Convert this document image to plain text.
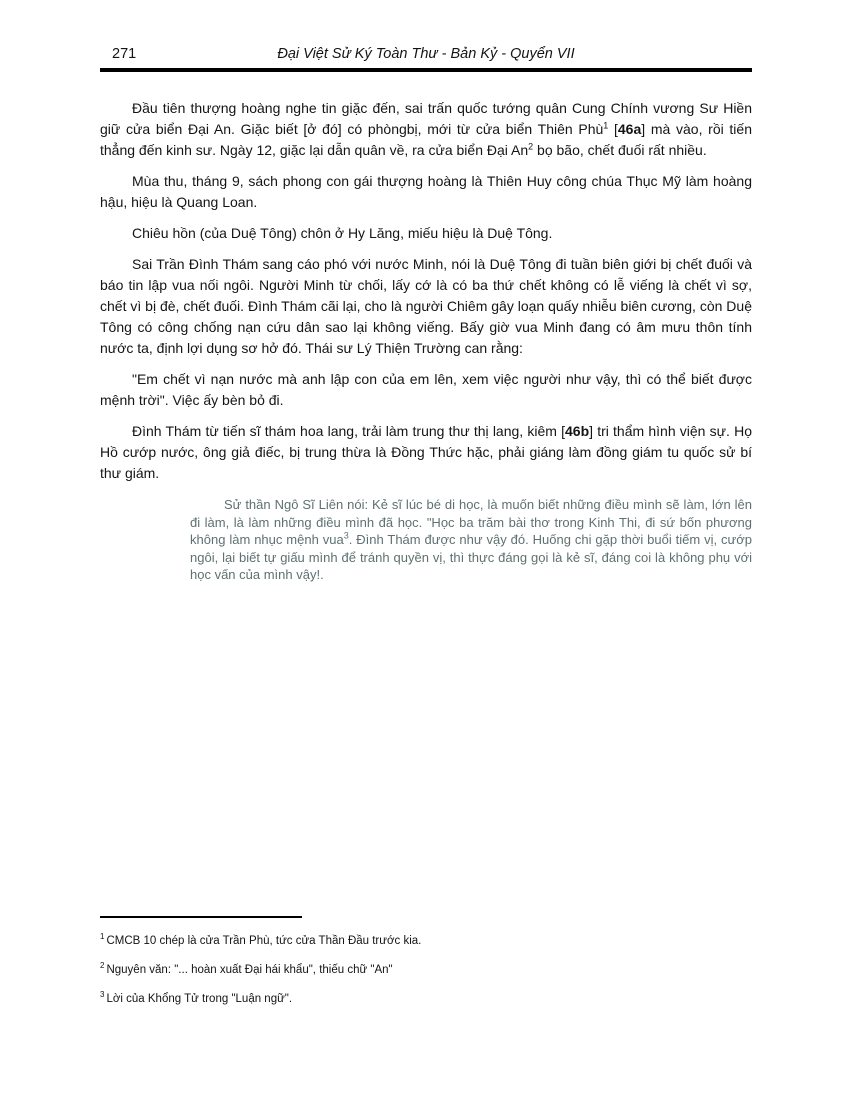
271	Đại Việt Sử Ký Toàn Thư - Bản Kỷ - Quyển VII

Đầu tiên thượng hoàng nghe tin giặc đến, sai trấn quốc tướng quân Cung Chính vương Sư Hiền giữ cửa biển Đại An. Giặc biết [ở đó] có phòngbị, mới từ cửa biển Thiên Phù$^1$ [46a] mà vào, rồi tiến thẳng đến kinh sư. Ngày 12, giặc lại dẫn quân về, ra cửa biển Đại An$^2$ bọ bão, chết đuối rất nhiều.

Mùa thu, tháng 9, sách phong con gái thượng hoàng là Thiên Huy công chúa Thục Mỹ làm hoàng hậu, hiệu là Quang Loan.

Chiêu hồn (của Duệ Tông) chôn ở Hy Lăng, miếu hiệu là Duệ Tông.

Sai Trần Đình Thám sang cáo phó với nước Minh, nói là Duệ Tông đi tuần biên giới bị chết đuối và báo tin lập vua nối ngôi. Người Minh từ chối, lấy cớ là có ba thứ chết không có lễ viếng là chết vì sợ, chết vì bị đè, chết đuối. Đình Thám cãi lại, cho là người Chiêm gây loạn quấy nhiễu biên cương, còn Duệ Tông có công chống nạn cứu dân sao lại không viếng. Bấy giờ vua Minh đang có âm mưu thôn tính nước ta, định lợi dụng sơ hở đó. Thái sư Lý Thiện Trường can rằng:

"Em chết vì nạn nước mà anh lập con của em lên, xem việc người như vậy, thì có thể biết được mệnh trời". Việc ấy bèn bỏ đi.

Đình Thám từ tiến sĩ thám hoa lang, trải làm trung thư thị lang, kiêm [46b] tri thẩm hình viện sự. Họ Hồ cướp nước, ông giả điếc, bị trung thừa là Đồng Thức hặc, phải giáng làm đồng giám tu quốc sử bí thư giám.

Sử thần Ngô Sĩ Liên nói: Kẻ sĩ lúc bé di học, là muốn biết những điều mình sẽ làm, lớn lên đi làm, là làm những điều mình đã học. "Học ba trăm bài thơ trong Kinh Thi, đi sứ bốn phương không làm nhục mệnh vua$^3$. Đình Thám được như vậy đó. Huống chi gặp thời buổi tiếm vị, cướp ngôi, lại biết tự giấu mình để tránh quyền vị, thì thực đáng gọi là kẻ sĩ, đáng coi là không phụ với học vấn của mình vậy!.

$^1$ CMCB 10 chép là cửa Trần Phù, tức cửa Thần Đầu trước kia.

$^2$ Nguyên văn: "... hoàn xuất Đại hái khẩu", thiếu chữ "An"

$^3$ Lời của Khổng Tử trong "Luận ngữ".
